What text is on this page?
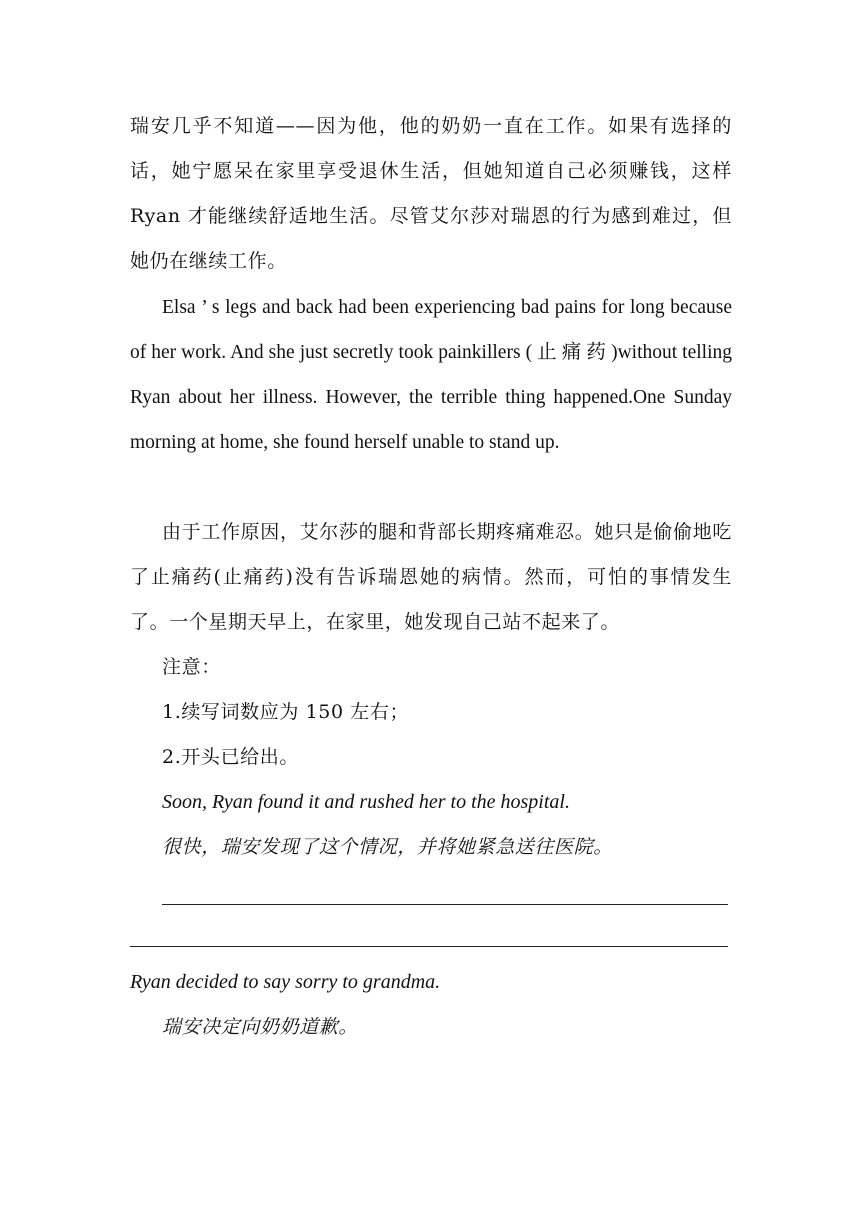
瑞安几乎不知道——因为他，他的奶奶一直在工作。如果有选择的话，她宁愿呆在家里享受退休生活，但她知道自己必须赚钱，这样 Ryan 才能继续舒适地生活。尽管艾尔莎对瑞恩的行为感到难过，但她仍在继续工作。

Elsa ’ s legs and back had been experiencing bad pains for long because of her work. And she just secretly took painkillers ( 止 痛 药 )without telling Ryan about her illness. However, the terrible thing happened.One Sunday morning at home, she found herself unable to stand up.

由于工作原因，艾尔莎的腿和背部长期疼痛难忍。她只是偷偷地吃了止痛药(止痛药)没有告诉瑞恩她的病情。然而，可怕的事情发生了。一个星期天早上，在家里，她发现自己站不起来了。

注意：

1.续写词数应为 150 左右；

2.开头已给出。

Soon, Ryan found it and rushed her to the hospital.

很快，瑞安发现了这个情况，并将她紧急送往医院。

Ryan decided to say sorry to grandma.

瑞安决定向奶奶道歉。
